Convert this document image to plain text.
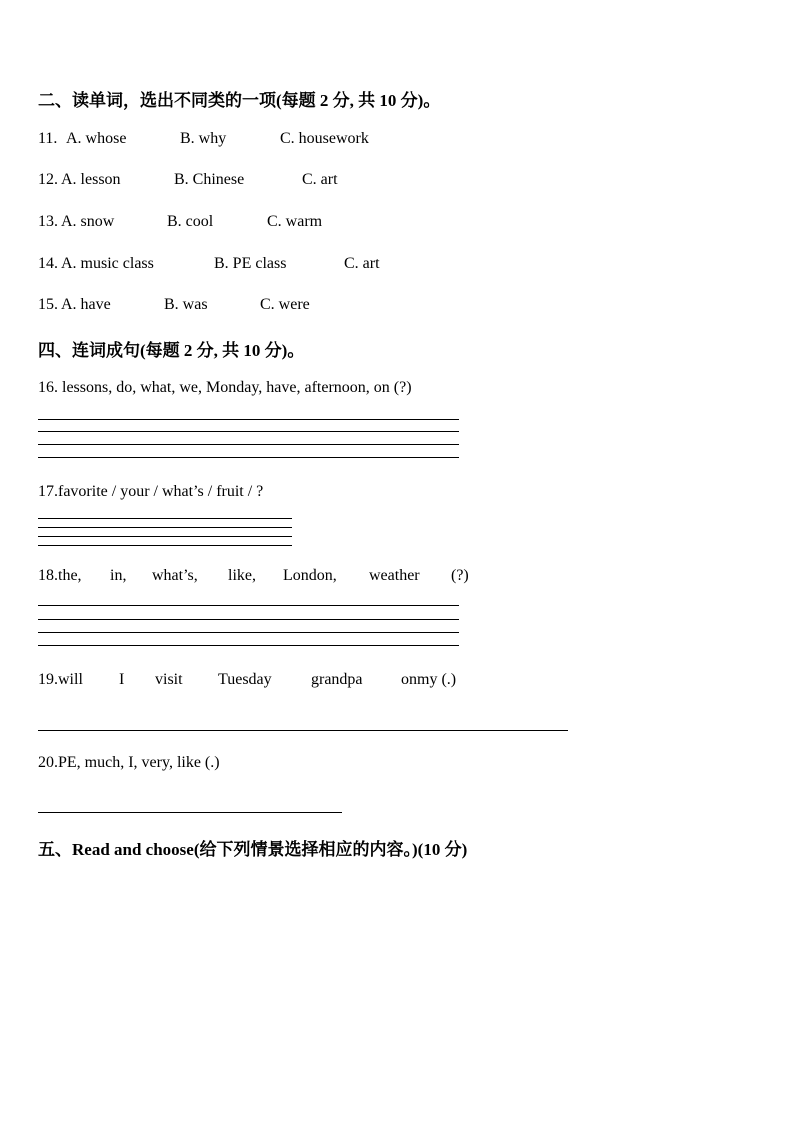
二、读单词，选出不同类的一项(每题 2 分, 共 10 分)。
11. A. whose	B. why	C. housework
12. A. lesson	B. Chinese	C. art
13. A. snow	B. cool	C. warm
14. A. music class	B. PE class	C. art
15. A. have	B. was	C. were
四、连词成句(每题 2 分, 共 10 分)。
16. lessons, do, what, we, Monday, have, afternoon, on (?)
17.favorite / your / what’s / fruit / ?
18.the, in, what’s, like, London, weather (?)
19.will I visit Tuesday grandpa onmy (.)
20.PE, much, I, very, like (.)
五、Read and choose(给下列情景选择相应的内容。)(10 分)
